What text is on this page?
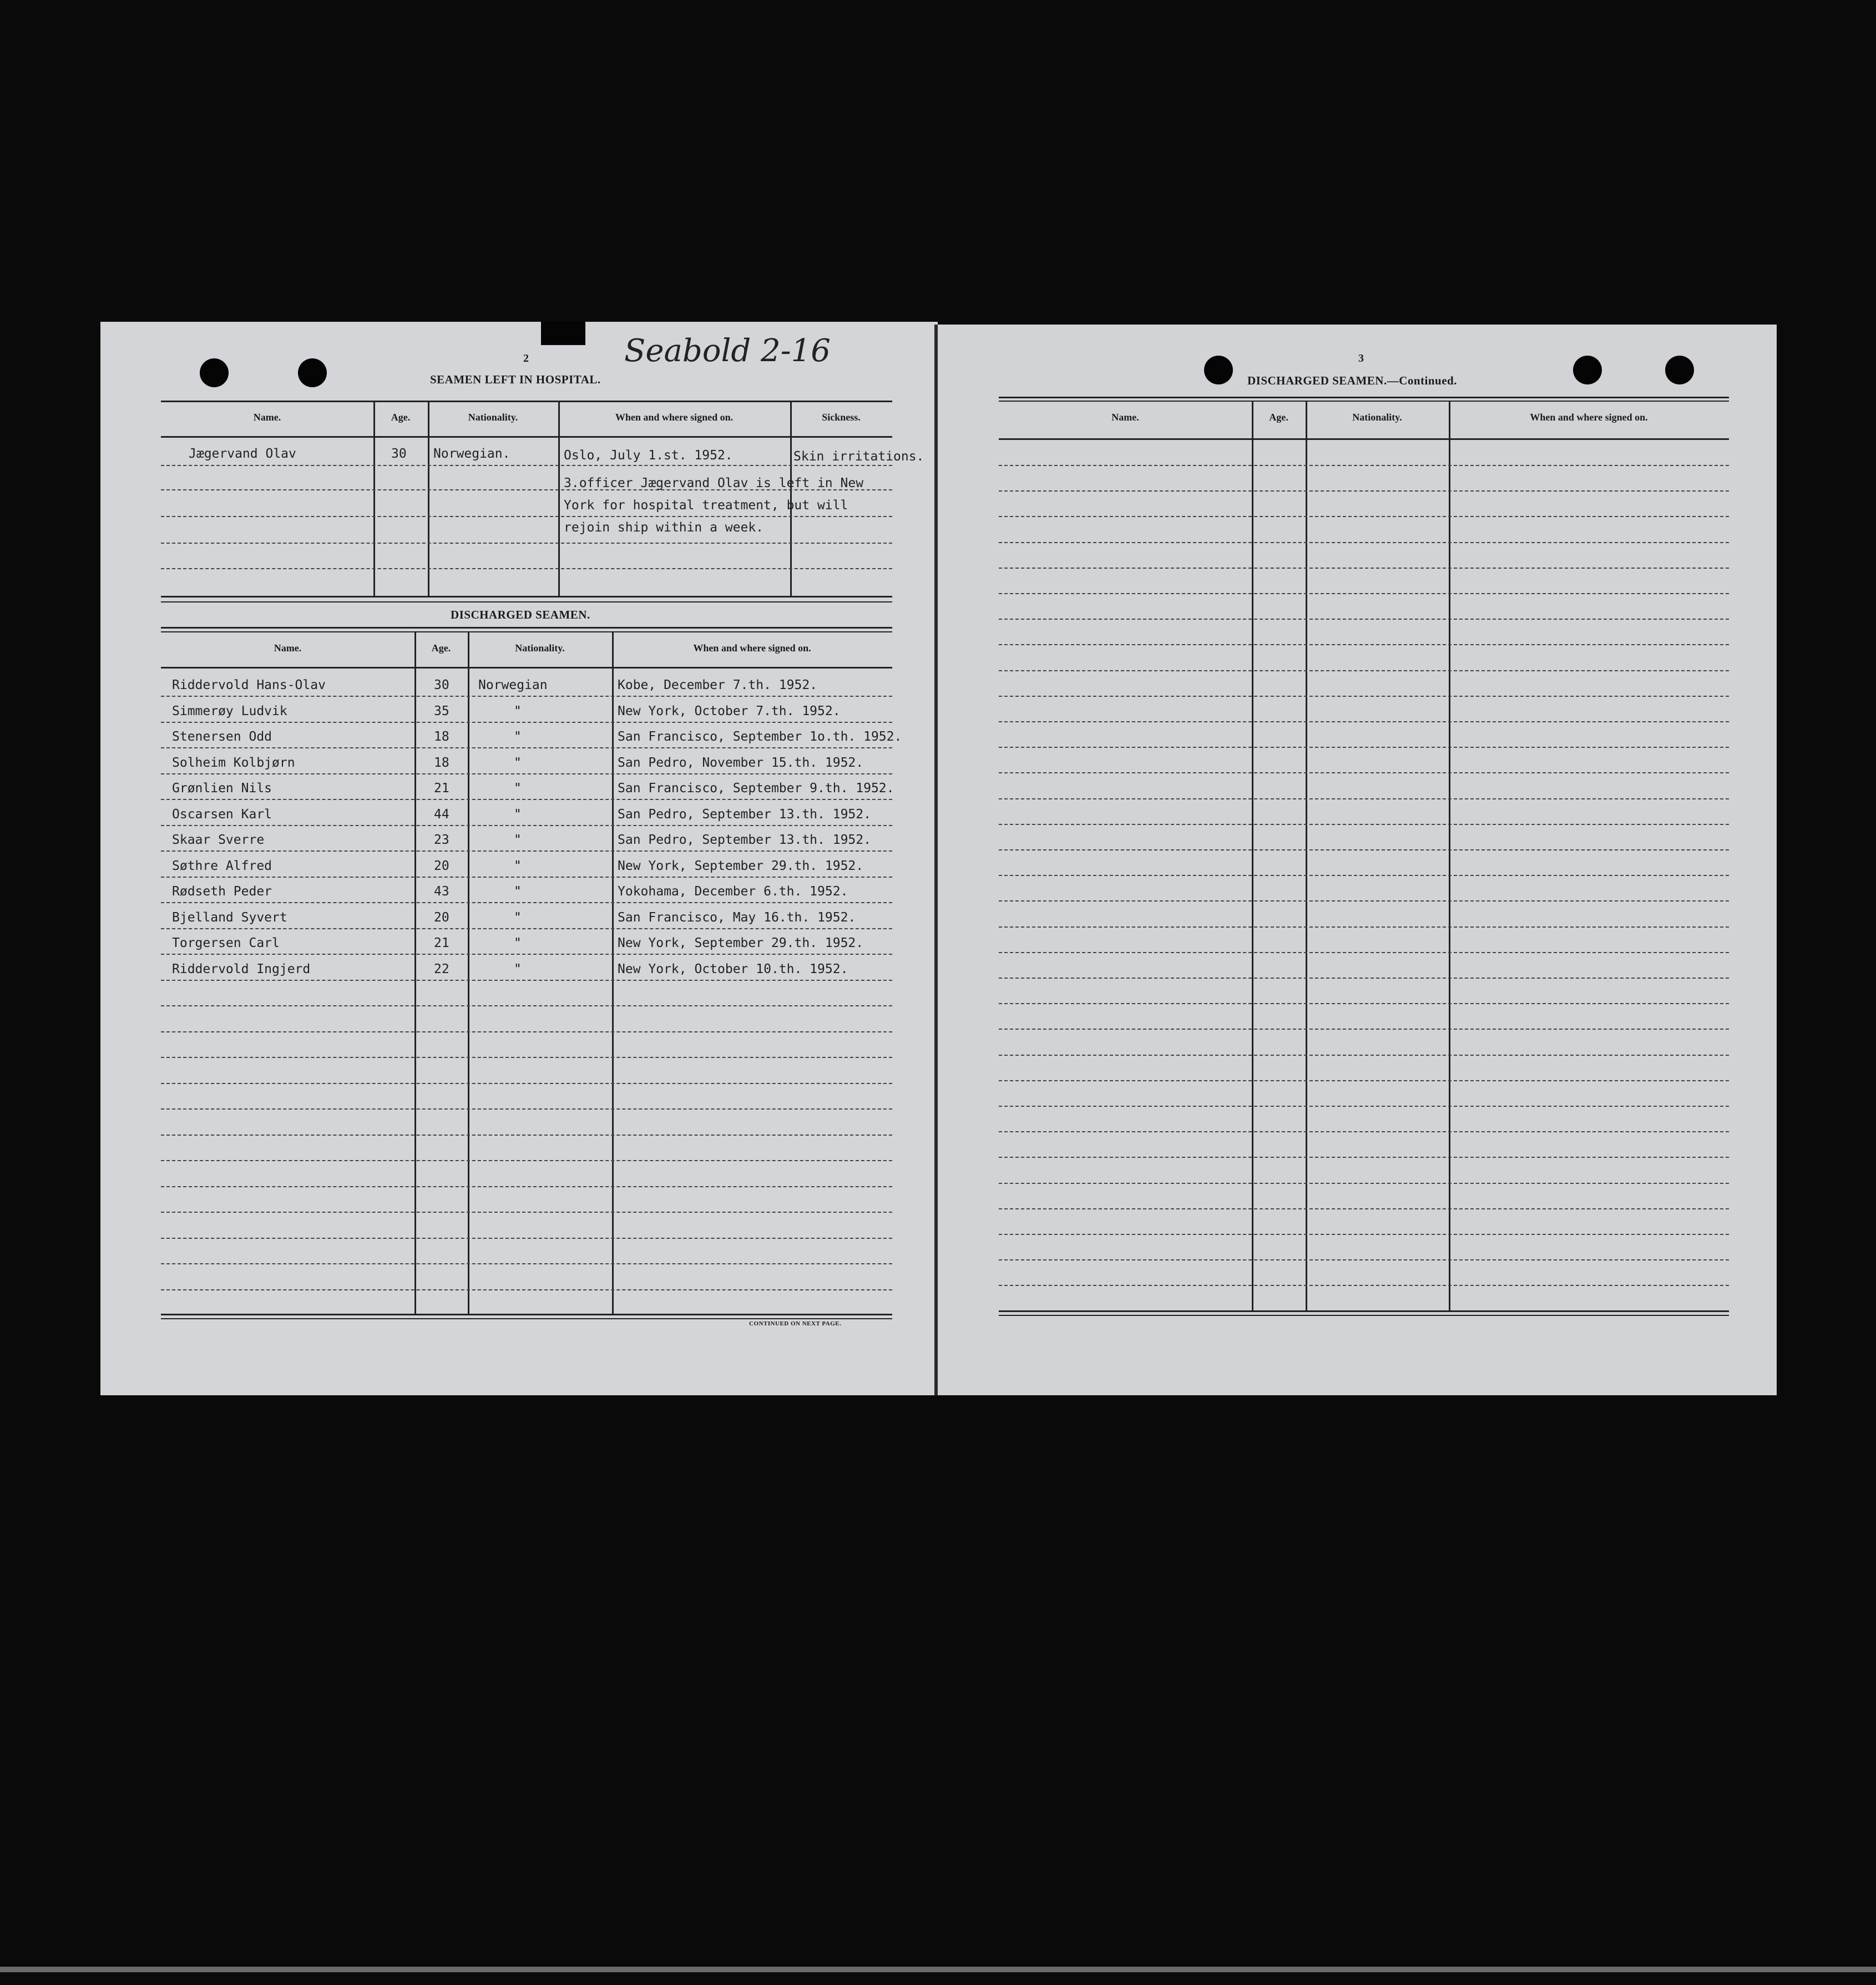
2	Seabold 2-16
SEAMEN LEFT IN HOSPITAL.
Name.	Age.	Nationality.	When and where signed on.	Sickness.
Jægervand Olav	30 Norwegian.	Oslo, July 1.st. 1952.	Skin irritations.
3.officer Jægervand Olav is left in New
York for hospital treatment, but will
rejoin ship within a week.
DISCHARGED SEAMEN.
Name.	Age.	Nationality.	When and where signed on.
Riddervold Hans-Olav	30 Norwegian	Kobe, December 7.th. 1952.
Simmerøy Ludvik	35	"	New York, October 7.th. 1952.
Stenersen Odd	18	"	San Francisco, September 1o.th. 1952.
Solheim Kolbjørn	18	"	San Pedro, November 15.th. 1952.
Grønlien Nils	21	"	San Francisco, September 9.th. 1952.
Oscarsen Karl	44	"	San Pedro, September 13.th. 1952.
Skaar Sverre	23	"	San Pedro, September 13.th. 1952.
Søthre Alfred	20	"	New York, September 29.th. 1952.
Rødseth Peder	43	"	Yokohama, December 6.th. 1952.
Bjelland Syvert	20	"	San Francisco, May 16.th. 1952.
Torgersen Carl	21	"	New York, September 29.th. 1952.
Riddervold Ingjerd	22	"	New York, October 10.th. 1952.
CONTINUED ON NEXT PAGE.
3
DISCHARGED SEAMEN.—Continued.
Name.	Age.	Nationality.	When and where signed on.
